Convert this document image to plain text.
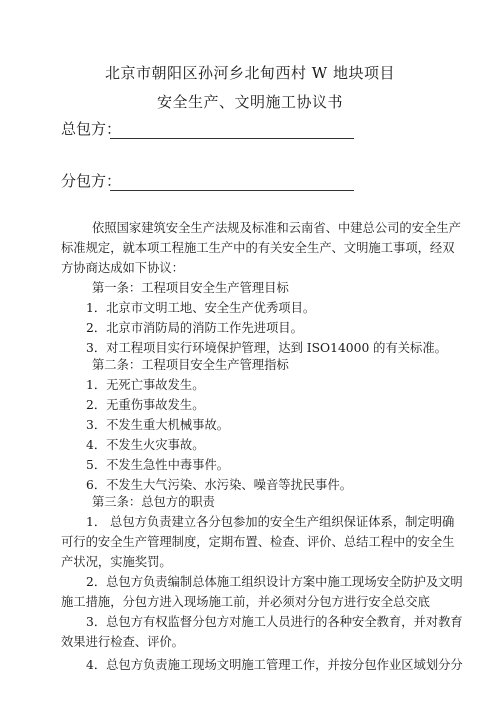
北京市朝阳区孙河乡北甸西村 W 地块项目
安全生产、文明施工协议书
总包方：
分包方：
依照国家建筑安全生产法规及标准和云南省、中建总公司的安全生产
标准规定，就本项工程施工生产中的有关安全生产、文明施工事项，经双
方协商达成如下协议：
第一条：工程项目安全生产管理目标
1．北京市文明工地、安全生产优秀项目。
2．北京市消防局的消防工作先进项目。
3．对工程项目实行环境保护管理，达到 ISO14000 的有关标准。
第二条：工程项目安全生产管理指标
1．无死亡事故发生。
2．无重伤事故发生。
3．不发生重大机械事故。
4．不发生火灾事故。
5．不发生急性中毒事件。
6．不发生大气污染、水污染、噪音等扰民事件。
第三条：总包方的职责
1． 总包方负责建立各分包参加的安全生产组织保证体系，制定明确
可行的安全生产管理制度，定期布置、检查、评价、总结工程中的安全生
产状况，实施奖罚。
2．总包方负责编制总体施工组织设计方案中施工现场安全防护及文明
施工措施，分包方进入现场施工前，并必须对分包方进行安全总交底
3．总包方有权监督分包方对施工人员进行的各种安全教育，并对教育
效果进行检查、评价。
4．总包方负责施工现场文明施工管理工作，并按分包作业区域划分分
